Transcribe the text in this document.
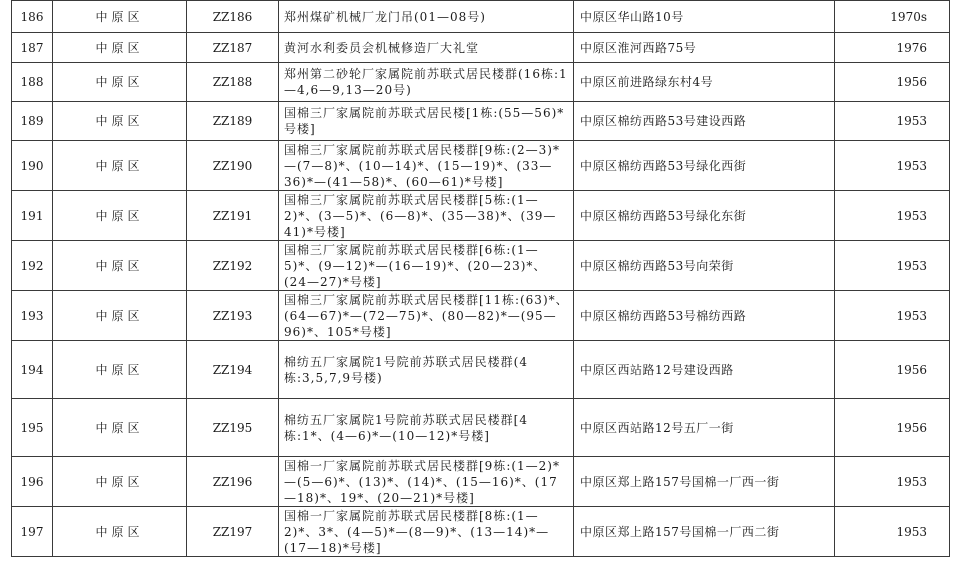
186	中原区	ZZ186	郑州煤矿机械厂龙门吊(01—08号)	中原区华山路10号	1970s
187	中原区	ZZ187	黄河水利委员会机械修造厂大礼堂	中原区淮河西路75号	1976
188	中原区	ZZ188	郑州第二砂轮厂家属院前苏联式居民楼群(16栋:1—4,6—9,13—20号)	中原区前进路绿东村4号	1956
189	中原区	ZZ189	国棉三厂家属院前苏联式居民楼[1栋:(55—56)*号楼]	中原区棉纺西路53号建设西路	1953
190	中原区	ZZ190	国棉三厂家属院前苏联式居民楼群[9栋:(2—3)*—(7—8)*、(10—14)*、(15—19)*、(33—36)*—(41—58)*、(60—61)*号楼]	中原区棉纺西路53号绿化西街	1953
191	中原区	ZZ191	国棉三厂家属院前苏联式居民楼群[5栋:(1—2)*、(3—5)*、(6—8)*、(35—38)*、(39—41)*号楼]	中原区棉纺西路53号绿化东街	1953
192	中原区	ZZ192	国棉三厂家属院前苏联式居民楼群[6栋:(1—5)*、(9—12)*—(16—19)*、(20—23)*、(24—27)*号楼]	中原区棉纺西路53号向荣街	1953
193	中原区	ZZ193	国棉三厂家属院前苏联式居民楼群[11栋:(63)*、(64—67)*—(72—75)*、(80—82)*—(95—96)*、105*号楼]	中原区棉纺西路53号棉纺西路	1953
194	中原区	ZZ194	棉纺五厂家属院1号院前苏联式居民楼群(4栋:3,5,7,9号楼)	中原区西站路12号建设西路	1956
195	中原区	ZZ195	棉纺五厂家属院1号院前苏联式居民楼群[4栋:1*、(4—6)*—(10—12)*号楼]	中原区西站路12号五厂一街	1956
196	中原区	ZZ196	国棉一厂家属院前苏联式居民楼群[9栋:(1—2)*—(5—6)*、(13)*、(14)*、(15—16)*、(17—18)*、19*、(20—21)*号楼]	中原区郑上路157号国棉一厂西一街	1953
197	中原区	ZZ197	国棉一厂家属院前苏联式居民楼群[8栋:(1—2)*、3*、(4—5)*—(8—9)*、(13—14)*—(17—18)*号楼]	中原区郑上路157号国棉一厂西二街	1953
